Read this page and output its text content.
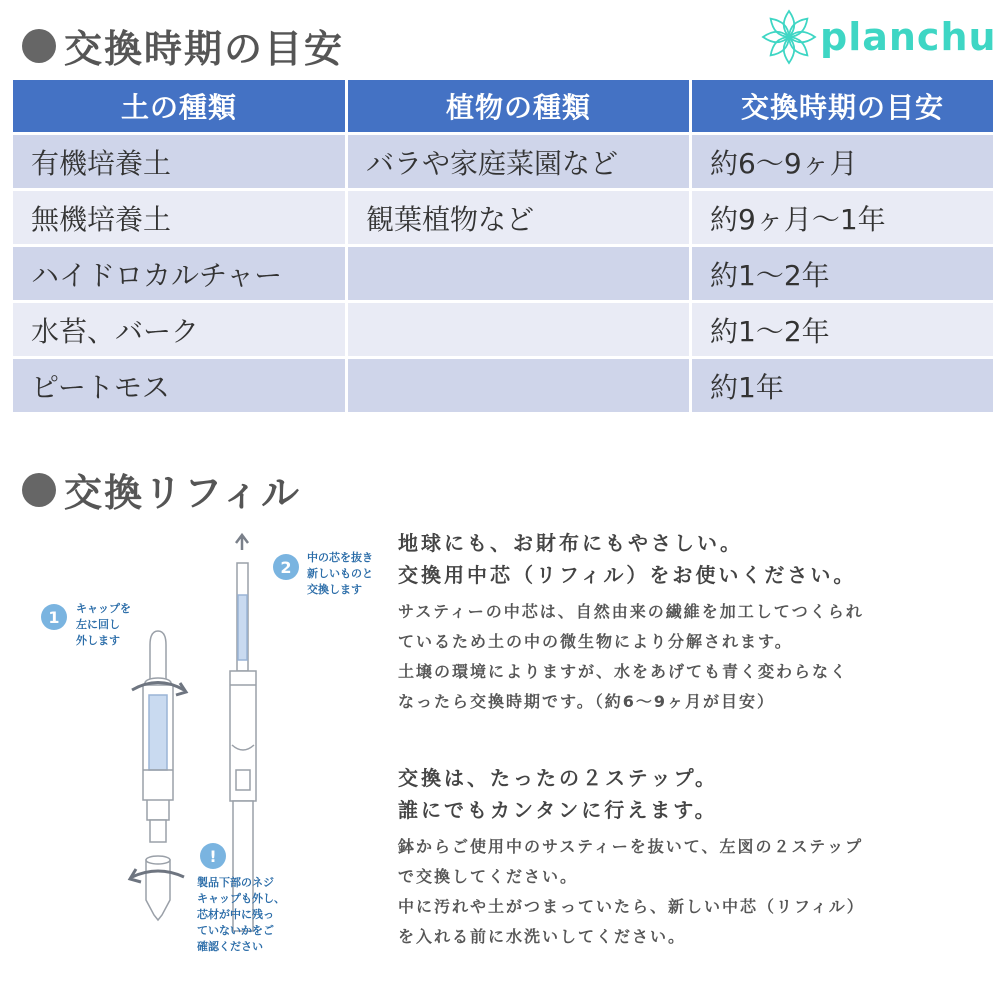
交換時期の目安	planchu
土の種類	植物の種類	交換時期の目安
有機培養土	バラや家庭菜園など	約6～9ヶ月
無機培養土	観葉植物など	約9ヶ月～1年
ハイドロカルチャー		約1～2年
水苔、バーク		約1～2年
ピートモス		約1年
交換リフィル
1	キャップを
左に回し
外します
2	中の芯を抜き
新しいものと
交換します
!
製品下部のネジ
キャップも外し、
芯材が中に残っ
ていないかをご
確認ください
地球にも、お財布にもやさしい。
交換用中芯（リフィル）をお使いください。
サスティーの中芯は、自然由来の繊維を加工してつくられ
ているため土の中の微生物により分解されます。
土壌の環境によりますが、水をあげても青く変わらなく
なったら交換時期です。（約6～9ヶ月が目安）
交換は、たったの２ステップ。
誰にでもカンタンに行えます。
鉢からご使用中のサスティーを抜いて、左図の２ステップ
で交換してください。
中に汚れや土がつまっていたら、新しい中芯（リフィル）
を入れる前に水洗いしてください。
